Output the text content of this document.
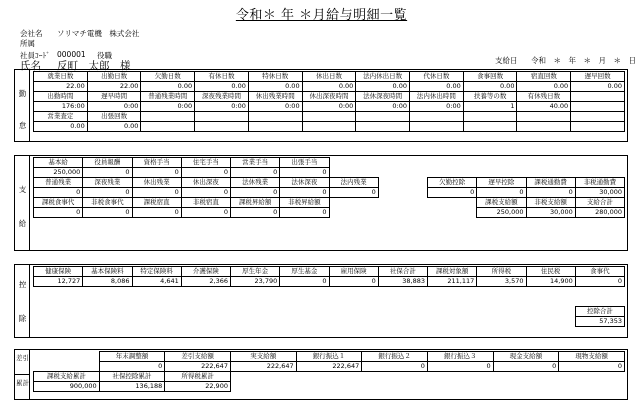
令和＊ 年 ＊月給与明細一覧
会社名 ソリマチ電機　株式会社
所属
社員ｺｰﾄﾞ 000001 役職
氏名 反町　太郎　様	支給日 令和　＊　年　＊　月　＊　日
勤
怠
就業日数	出勤日数	欠勤日数	有休日数	特休日数	休出日数	法内休出日数	代休日数	食事回数	宿直回数	遅早回数
22.00	22.00	0.00	0.00	0.00	0.00	0.00	0.00	0.00	0.00	0.00
出勤時間	遅早時間	普通残業時間	深夜残業時間	休出残業時間	休出深夜時間	法休深夜時間	法内休出時間	扶養等の数	有休残日数	
176:00	0:00	0:00	0:00	0:00	0:00	0:00	0:00	1	40.00	
営業査定	出張回数									
0.00	0.00									
支
給
基本給	役員報酬	資格手当	住宅手当	営業手当	出張手当						
250,000	0	0	0	0	0						
普通残業	深夜残業	休出残業	休出深夜	法休残業	法休深夜	法内残業		欠勤控除	遅早控除	課税通勤費	非税通勤費
0	0	0	0	0	0	0		0	0	0	30,000
課税食事代	非税食事代	課税宿直	非税宿直	課税昇給額	非税昇給額				課税支給額	非税支給額	支給合計
0	0	0	0	0	0				250,000	30,000	280,000
控
除
健康保険	基本保険料	特定保険料	介護保険	厚生年金	厚生基金	雇用保険	社保合計	課税対象額	所得税	住民税	食事代
12,727	8,086	4,641	2,366	23,790	0	0	38,883	211,117	3,570	14,900	0

											控除合計
											57,353
差引
累計
	年末調整額	差引支給額	実支給額	銀行振込１	銀行振込２	銀行振込３	現金支給額	現物支給額
	0	222,647	222,647	222,647	0	0	0	0
課税支給累計	社保控除累計	所得税累計						
900,000	136,188	22,900						
